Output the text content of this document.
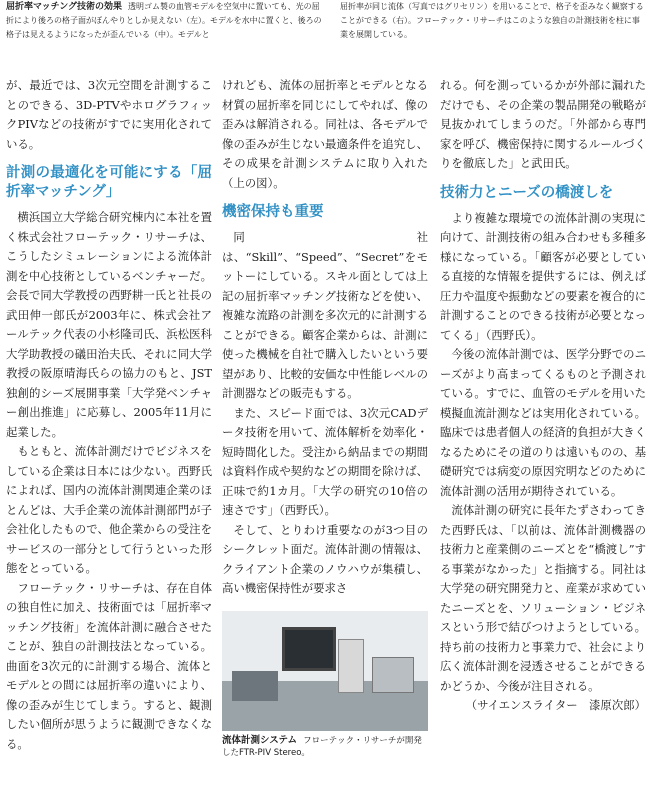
屈折率マッチング技術の効果 透明ゴム製の血管モデルを空気中に置いても、光の屈折により後ろの格子面がぼんやりとしか見えない（左）。モデルを水中に置くと、後ろの格子は見えるようになったが歪んでいる（中）。モデルと
屈折率が同じ流体（写真ではグリセリン）を用いることで、格子を歪みなく観察することができる（右）。フローテック・リサーチはこのような独自の計測技術を柱に事業を展開している。

が、最近では、3次元空間を計測することのできる、3D-PTVやホログラフィックPIVなどの技術がすでに実用化されている。

計測の最適化を可能にする「屈折率マッチング」

横浜国立大学総合研究棟内に本社を置く株式会社フローテック・リサーチは、こうしたシミュレーションによる流体計測を中心技術としているベンチャーだ。会長で同大学教授の西野耕一氏と社長の武田伸一郎氏が2003年に、株式会社アールテック代表の小杉隆司氏、浜松医科大学助教授の礒田治夫氏、それに同大学教授の阪原晴海氏らの協力のもと、JST独創的シーズ展開事業「大学発ベンチャー創出推進」に応募し、2005年11月に起業した。

もともと、流体計測だけでビジネスをしている企業は日本には少ない。西野氏によれば、国内の流体計測関連企業のほとんどは、大手企業の流体計測部門が子会社化したもので、他企業からの受注をサービスの一部分として行うといった形態をとっている。

フローテック・リサーチは、存在自体の独自性に加え、技術面では「屈折率マッチング技術」を流体計測に融合させたことが、独自の計測技法となっている。曲面を3次元的に計測する場合、流体とモデルとの間には屈折率の違いにより、像の歪みが生じてしまう。すると、観測したい個所が思うように観測できなくなる。

けれども、流体の屈折率とモデルとなる材質の屈折率を同じにしてやれば、像の歪みは解消される。同社は、各モデルで像の歪みが生じない最適条件を追究し、その成果を計測システムに取り入れた（上の図）。

機密保持も重要

同社は、“Skill”、“Speed”、“Secret”をモットーにしている。スキル面としては上記の屈折率マッチング技術などを使い、複雑な流路の計測を多次元的に計測することができる。顧客企業からは、計測に使った機械を自社で購入したいという要望があり、比較的安価な中性能レベルの計測器などの販売もする。

また、スピード面では、3次元CADデータ技術を用いて、流体解析を効率化・短時間化した。受注から納品までの期間は資料作成や契約などの期間を除けば、正味で約1カ月。「大学の研究の10倍の速さです」（西野氏）。

そして、とりわけ重要なのが3つ目のシークレット面だ。流体計測の情報は、クライアント企業のノウハウが集積し、高い機密保持性が要求さ

流体計測システム フローテック・リサーチが開発したFTR-PIV Stereo。

れる。何を測っているかが外部に漏れただけでも、その企業の製品開発の戦略が見抜かれてしまうのだ。「外部から専門家を呼び、機密保持に関するルールづくりを徹底した」と武田氏。

技術力とニーズの橋渡しを

より複雑な環境での流体計測の実現に向けて、計測技術の組み合わせも多種多様になっている。「顧客が必要としている直接的な情報を提供するには、例えば圧力や温度や振動などの要素を複合的に計測することのできる技術が必要となってくる」（西野氏）。

今後の流体計測では、医学分野でのニーズがより高まってくるものと予測されている。すでに、血管のモデルを用いた模擬血流計測などは実用化されている。臨床では患者個人の経済的負担が大きくなるためにその道のりは遠いものの、基礎研究では病変の原因究明などのために流体計測の活用が期待されている。

流体計測の研究に長年たずさわってきた西野氏は、「以前は、流体計測機器の技術力と産業側のニーズとを“橋渡し”する事業がなかった」と指摘する。同社は大学発の研究開発力と、産業が求めていたニーズとを、ソリューション・ビジネスという形で結びつけようとしている。持ち前の技術力と事業力で、社会により広く流体計測を浸透させることができるかどうか、今後が注目される。

（サイエンスライター　漆原次郎）
